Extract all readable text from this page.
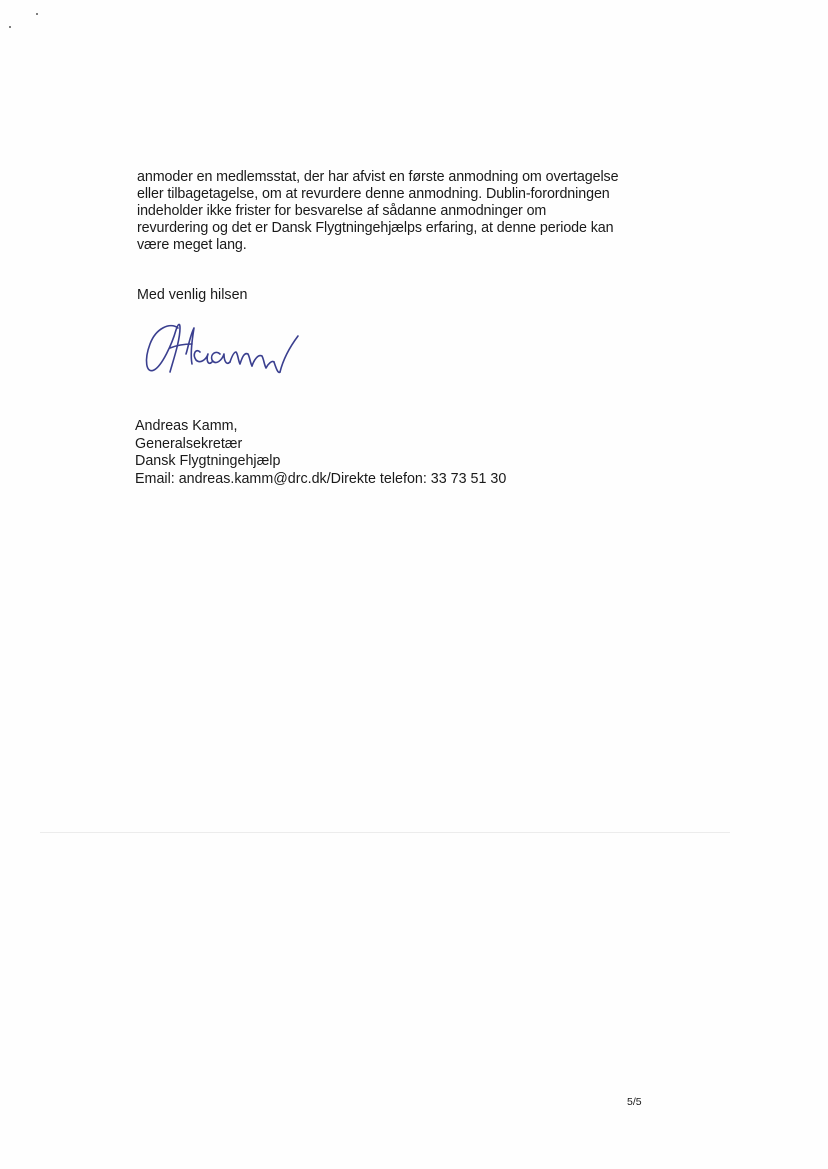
anmoder en medlemsstat, der har afvist en første anmodning om overtagelse
eller tilbagetagelse, om at revurdere denne anmodning. Dublin-forordningen
indeholder ikke frister for besvarelse af sådanne anmodninger om
revurdering og det er Dansk Flygtningehjælps erfaring, at denne periode kan
være meget lang.
Med venlig hilsen
Andreas Kamm,
Generalsekretær
Dansk Flygtningehjælp
Email: andreas.kamm@drc.dk/Direkte telefon: 33 73 51 30
5/5
